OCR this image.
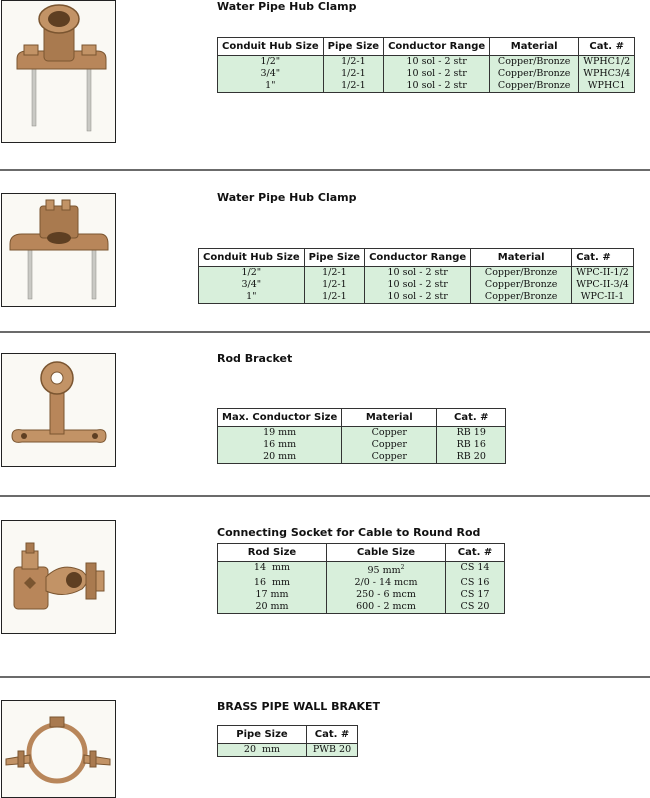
Water Pipe Hub Clamp
Conduit Hub Size	Pipe Size	Conductor Range	Material	Cat. #
1/2"	1/2-1	10 sol - 2 str	Copper/Bronze	WPHC1/2
3/4"	1/2-1	10 sol - 2 str	Copper/Bronze	WPHC3/4
1"	1/2-1	10 sol - 2 str	Copper/Bronze	WPHC1
Water Pipe Hub Clamp
Conduit Hub Size	Pipe Size	Conductor Range	Material	Cat. #
1/2"	1/2-1	10 sol - 2 str	Copper/Bronze	WPC-II-1/2
3/4"	1/2-1	10 sol - 2 str	Copper/Bronze	WPC-II-3/4
1"	1/2-1	10 sol - 2 str	Copper/Bronze	WPC-II-1
Rod Bracket
Max. Conductor Size	Material	Cat. #
19 mm	Copper	RB 19
16 mm	Copper	RB 16
20 mm	Copper	RB 20
Connecting Socket for Cable to Round Rod
Rod Size	Cable Size	Cat. #
14  mm	95 $mm^2$	CS 14
16  mm	2/0 - 14 mcm	CS 16
17 mm	250 - 6 mcm	CS 17
20 mm	600 - 2 mcm	CS 20
BRASS PIPE WALL BRAKET
Pipe Size	Cat. #
20  mm	PWB 20
